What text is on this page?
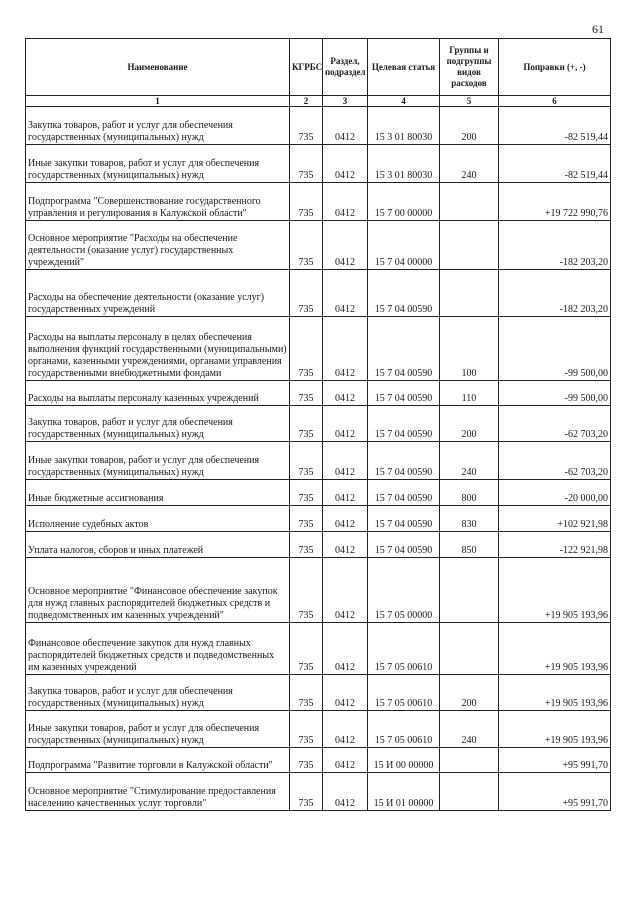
61
Наименование	КГРБС	Раздел, подраздел	Целевая статья	Группы и подгруппы видов расходов	Поправки (+, -)
1	2	3	4	5	6
Закупка товаров, работ и услуг для обеспечения государственных (муниципальных) нужд	735	0412	15 3 01 80030	200	-82 519,44
Иные закупки товаров, работ и услуг для обеспечения государственных (муниципальных) нужд	735	0412	15 3 01 80030	240	-82 519,44
Подпрограмма "Совершенствование государственного управления и регулирования в Калужской области"	735	0412	15 7 00 00000		+19 722 990,76
Основное мероприятие "Расходы на обеспечение деятельности (оказание услуг) государственных учреждений"	735	0412	15 7 04 00000		-182 203,20
Расходы на обеспечение деятельности (оказание услуг) государственных учреждений	735	0412	15 7 04 00590		-182 203,20
Расходы на выплаты персоналу в целях обеспечения выполнения функций государственными (муниципальными) органами, казенными учреждениями, органами управления государственными внебюджетными фондами	735	0412	15 7 04 00590	100	-99 500,00
Расходы на выплаты персоналу казенных учреждений	735	0412	15 7 04 00590	110	-99 500,00
Закупка товаров, работ и услуг для обеспечения государственных (муниципальных) нужд	735	0412	15 7 04 00590	200	-62 703,20
Иные закупки товаров, работ и услуг для обеспечения государственных (муниципальных) нужд	735	0412	15 7 04 00590	240	-62 703,20
Иные бюджетные ассигнования	735	0412	15 7 04 00590	800	-20 000,00
Исполнение судебных актов	735	0412	15 7 04 00590	830	+102 921,98
Уплата налогов, сборов и иных платежей	735	0412	15 7 04 00590	850	-122 921,98
Основное мероприятие "Финансовое обеспечение закупок для нужд главных распорядителей бюджетных средств и подведомственных им казенных учреждений"	735	0412	15 7 05 00000		+19 905 193,96
Финансовое обеспечение закупок для нужд главных распорядителей бюджетных средств и подведомственных им казенных учреждений	735	0412	15 7 05 00610		+19 905 193,96
Закупка товаров, работ и услуг для обеспечения государственных (муниципальных) нужд	735	0412	15 7 05 00610	200	+19 905 193,96
Иные закупки товаров, работ и услуг для обеспечения государственных (муниципальных) нужд	735	0412	15 7 05 00610	240	+19 905 193,96
Подпрограмма "Развитие торговли в Калужской области"	735	0412	15 И 00 00000		+95 991,70
Основное мероприятие "Стимулирование предоставления населению качественных услуг торговли"	735	0412	15 И 01 00000		+95 991,70
